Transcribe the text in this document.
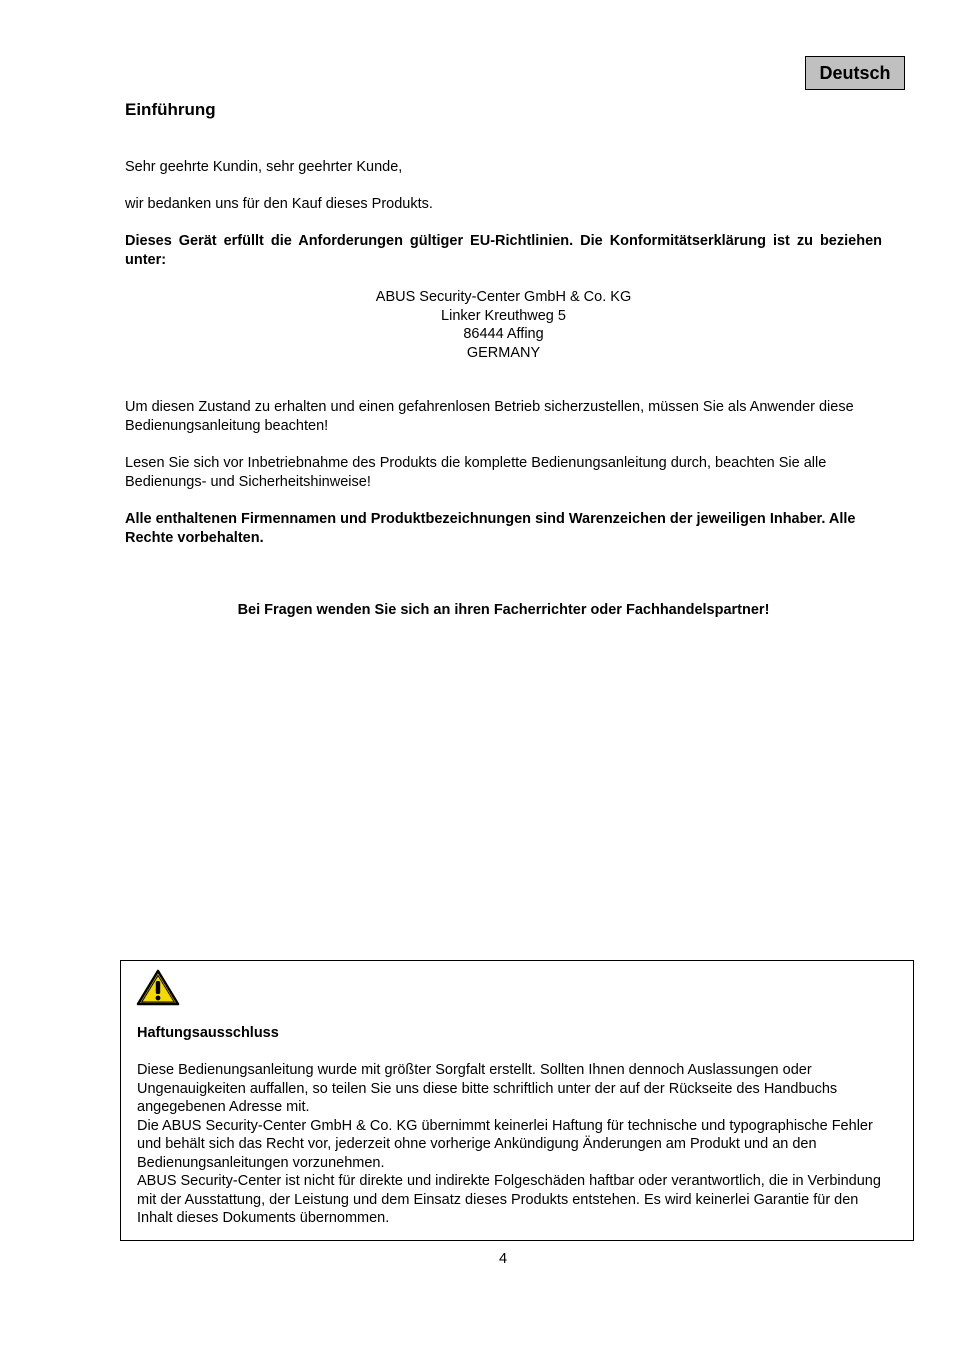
Deutsch
Einführung
Sehr geehrte Kundin, sehr geehrter Kunde,
wir bedanken uns für den Kauf dieses Produkts.
Dieses Gerät erfüllt die Anforderungen gültiger EU-Richtlinien. Die Konformitätserklärung ist zu beziehen unter:
ABUS Security-Center GmbH & Co. KG
Linker Kreuthweg 5
86444 Affing
GERMANY
Um diesen Zustand zu erhalten und einen gefahrenlosen Betrieb sicherzustellen, müssen Sie als Anwender diese Bedienungsanleitung beachten!
Lesen Sie sich vor Inbetriebnahme des Produkts die komplette Bedienungsanleitung durch, beachten Sie alle Bedienungs- und Sicherheitshinweise!
Alle enthaltenen Firmennamen und Produktbezeichnungen sind Warenzeichen der jeweiligen Inhaber. Alle Rechte vorbehalten.
Bei Fragen wenden Sie sich an ihren Facherrichter oder Fachhandelspartner!
Haftungsausschluss
Diese Bedienungsanleitung wurde mit größter Sorgfalt erstellt. Sollten Ihnen dennoch Auslassungen oder Ungenauigkeiten auffallen, so teilen Sie uns diese bitte schriftlich unter der auf der Rückseite des Handbuchs angegebenen Adresse mit.
Die ABUS Security-Center GmbH & Co. KG übernimmt keinerlei Haftung für technische und typographische Fehler und behält sich das Recht vor, jederzeit ohne vorherige Ankündigung Änderungen am Produkt und an den Bedienungsanleitungen vorzunehmen.
ABUS Security-Center ist nicht für direkte und indirekte Folgeschäden haftbar oder verantwortlich, die in Verbindung mit der Ausstattung, der Leistung und dem Einsatz dieses Produkts entstehen. Es wird keinerlei Garantie für den Inhalt dieses Dokuments übernommen.
4
